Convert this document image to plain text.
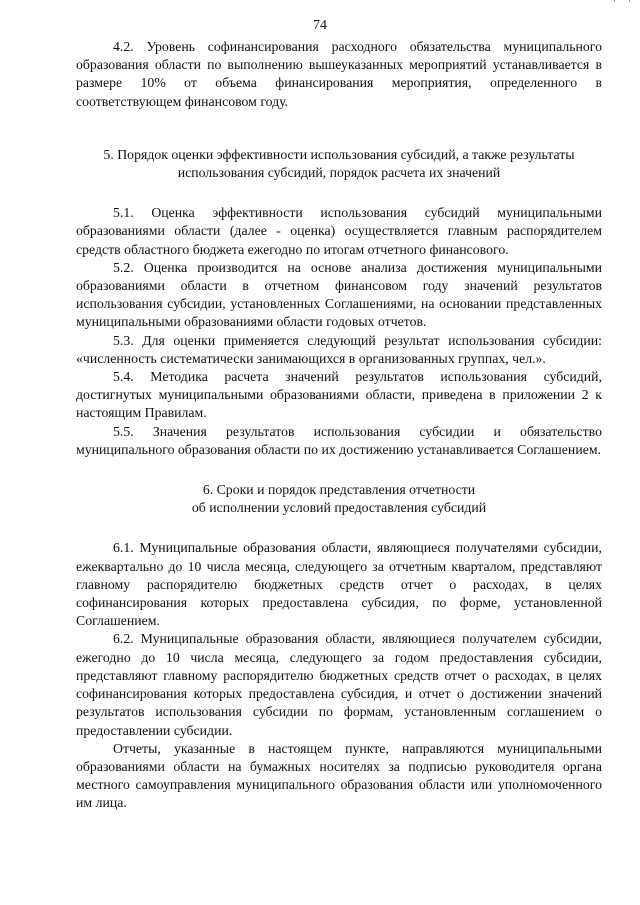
74

4.2. Уровень софинансирования расходного обязательства муниципального образования области по выполнению вышеуказанных мероприятий устанавливается в размере 10% от объема финансирования мероприятия, определенного в соответствующем финансовом году.

5. Порядок оценки эффективности использования субсидий, а также результаты

использования субсидий, порядок расчета их значений

5.1. Оценка эффективности использования субсидий муниципальными образованиями области (далее - оценка) осуществляется главным распорядителем средств областного бюджета ежегодно по итогам отчетного финансового.

5.2. Оценка производится на основе анализа достижения муниципальными образованиями области в отчетном финансовом году значений результатов использования субсидии, установленных Соглашениями, на основании представленных муниципальными образованиями области годовых отчетов.

5.3. Для оценки применяется следующий результат использования субсидии: «численность систематически занимающихся в организованных группах, чел.».

5.4. Методика расчета значений результатов использования субсидий, достигнутых муниципальными образованиями области, приведена в приложении 2 к настоящим Правилам.

5.5. Значения результатов использования субсидии и обязательство муниципального образования области по их достижению устанавливается Соглашением.

6. Сроки и порядок представления отчетности

об исполнении условий предоставления субсидий

6.1. Муниципальные образования области, являющиеся получателями субсидии, ежеквартально до 10 числа месяца, следующего за отчетным кварталом, представляют главному распорядителю бюджетных средств отчет о расходах, в целях софинансирования которых предоставлена субсидия, по форме, установленной Соглашением.

6.2. Муниципальные образования области, являющиеся получателем субсидии, ежегодно до 10 числа месяца, следующего за годом предоставления субсидии, представляют главному распорядителю бюджетных средств отчет о расходах, в целях софинансирования которых предоставлена субсидия, и отчет о достижении значений результатов использования субсидии по формам, установленным соглашением о предоставлении субсидии.

Отчеты, указанные в настоящем пункте, направляются муниципальными образованиями области на бумажных носителях за подписью руководителя органа местного самоуправления муниципального образования области или уполномоченного им лица.
